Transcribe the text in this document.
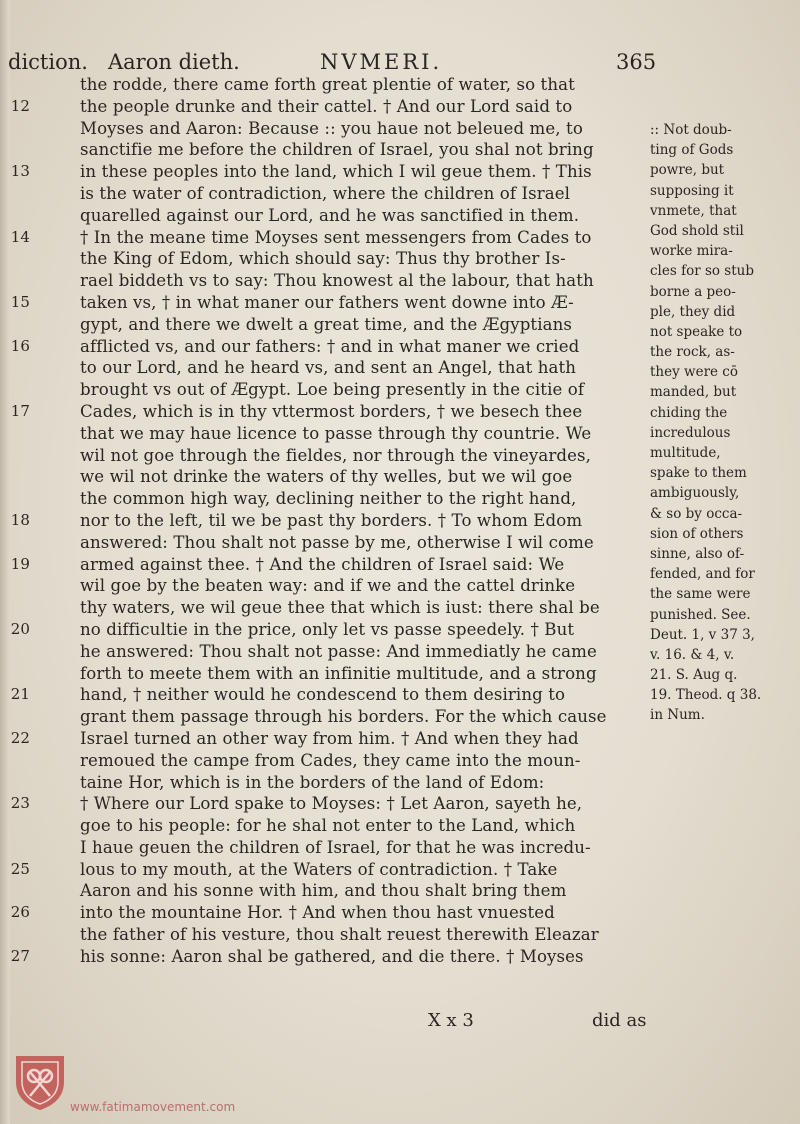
diction. Aaron dieth.	NVMERI.	365
the rodde, there came forth great plentie of water, so that
12	the people drunke and their cattel. † And our Lord said to
Moyses and Aaron: Because :: you haue not beleued me, to
sanctifie me before the children of Israel, you shal not bring
13	in these peoples into the land, which I wil geue them. † This
is the water of contradiction, where the children of Israel
quarelled against our Lord, and he was sanctified in them.
14	† In the meane time Moyses sent messengers from Cades to
the King of Edom, which should say: Thus thy brother Is-
rael biddeth vs to say: Thou knowest al the labour, that hath
15	taken vs, † in what maner our fathers went downe into Æ-
gypt, and there we dwelt a great time, and the Ægyptians
16	afflicted vs, and our fathers: † and in what maner we cried
to our Lord, and he heard vs, and sent an Angel, that hath
brought vs out of Ægypt. Loe being presently in the citie of
17	Cades, which is in thy vttermost borders, † we besech thee
that we may haue licence to passe through thy countrie. We
wil not goe through the fieldes, nor through the vineyardes,
we wil not drinke the waters of thy welles, but we wil goe
the common high way, declining neither to the right hand,
18	nor to the left, til we be past thy borders. † To whom Edom
answered: Thou shalt not passe by me, otherwise I wil come
19	armed against thee. † And the children of Israel said: We
wil goe by the beaten way: and if we and the cattel drinke
thy waters, we wil geue thee that which is iust: there shal be
20	no difficultie in the price, only let vs passe speedely. † But
he answered: Thou shalt not passe: And immediatly he came
forth to meete them with an infinitie multitude, and a strong
21	hand, † neither would he condescend to them desiring to
grant them passage through his borders. For the which cause
22	Israel turned an other way from him. † And when they had
remoued the campe from Cades, they came into the moun-
taine Hor, which is in the borders of the land of Edom:
23	† Where our Lord spake to Moyses: † Let Aaron, sayeth he,
goe to his people: for he shal not enter to the Land, which
I haue geuen the children of Israel, for that he was incredu-
25	lous to my mouth, at the Waters of contradiction. † Take
Aaron and his sonne with him, and thou shalt bring them
26	into the mountaine Hor. † And when thou hast vnuested
the father of his vesture, thou shalt reuest therewith Eleazar
27	his sonne: Aaron shal be gathered, and die there. † Moyses
:: Not doub-
ting of Gods
powre, but
supposing it
vnmete, that
God shold stil
worke mira-
cles for so stub
borne a peo-
ple, they did
not speake to
the rock, as-
they were cō
manded, but
chiding the
incredulous
multitude,
spake to them
ambiguously,
& so by occa-
sion of others
sinne, also of-
fended, and for
the same were
punished. See.
Deut. 1, v 37 3,
v. 16. & 4, v.
21. S. Aug q.
19. Theod. q 38.
in Num.
X x 3	did as
www.fatimamovement.com
